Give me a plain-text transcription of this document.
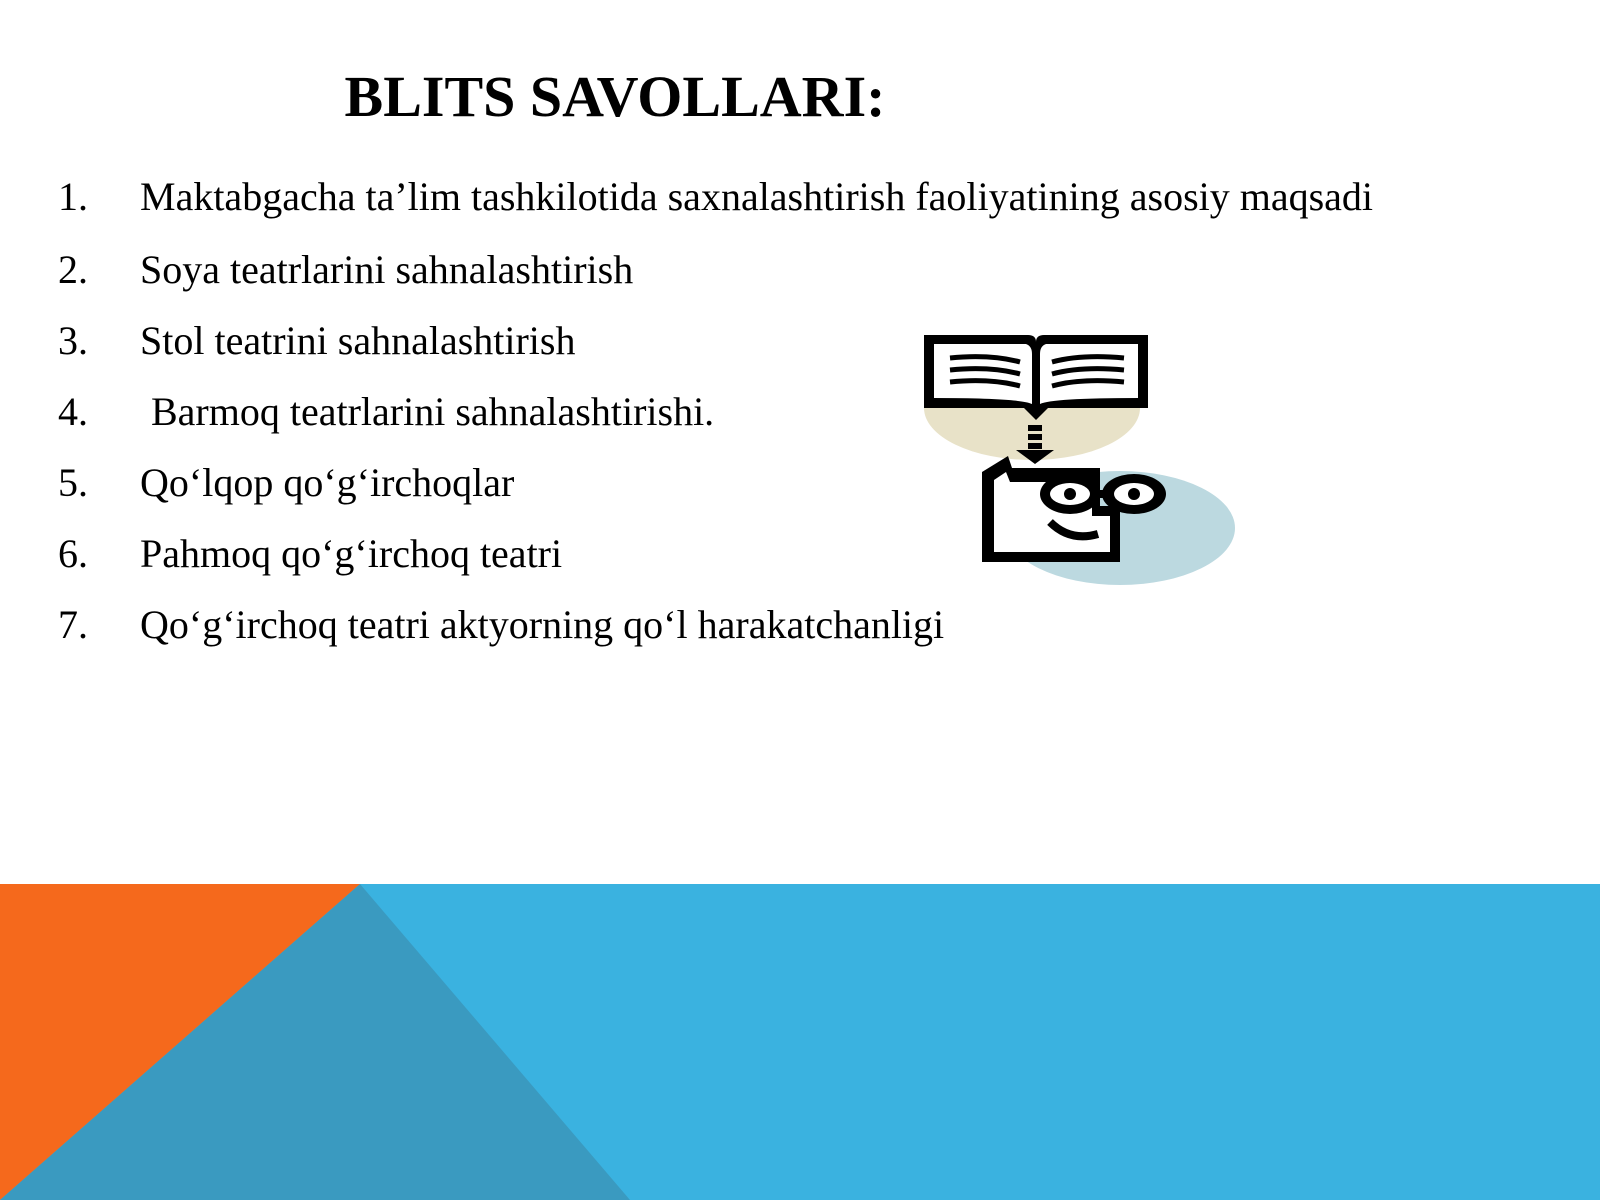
BLITS SAVOLLARI:
1.	Maktabgacha ta’lim tashkilotida saxnalashtirish faoliyatining asosiy maqsadi
2.	Soya teatrlarini sahnalashtirish
3.	Stol teatrini sahnalashtirish
4.	Barmoq teatrlarini sahnalashtirishi.
5.	Qo‘lqop qo‘g‘irchoqlar
6.	Pahmoq qo‘g‘irchoq teatri
7.	Qo‘g‘irchoq teatri aktyorning qo‘l harakatchanligi
